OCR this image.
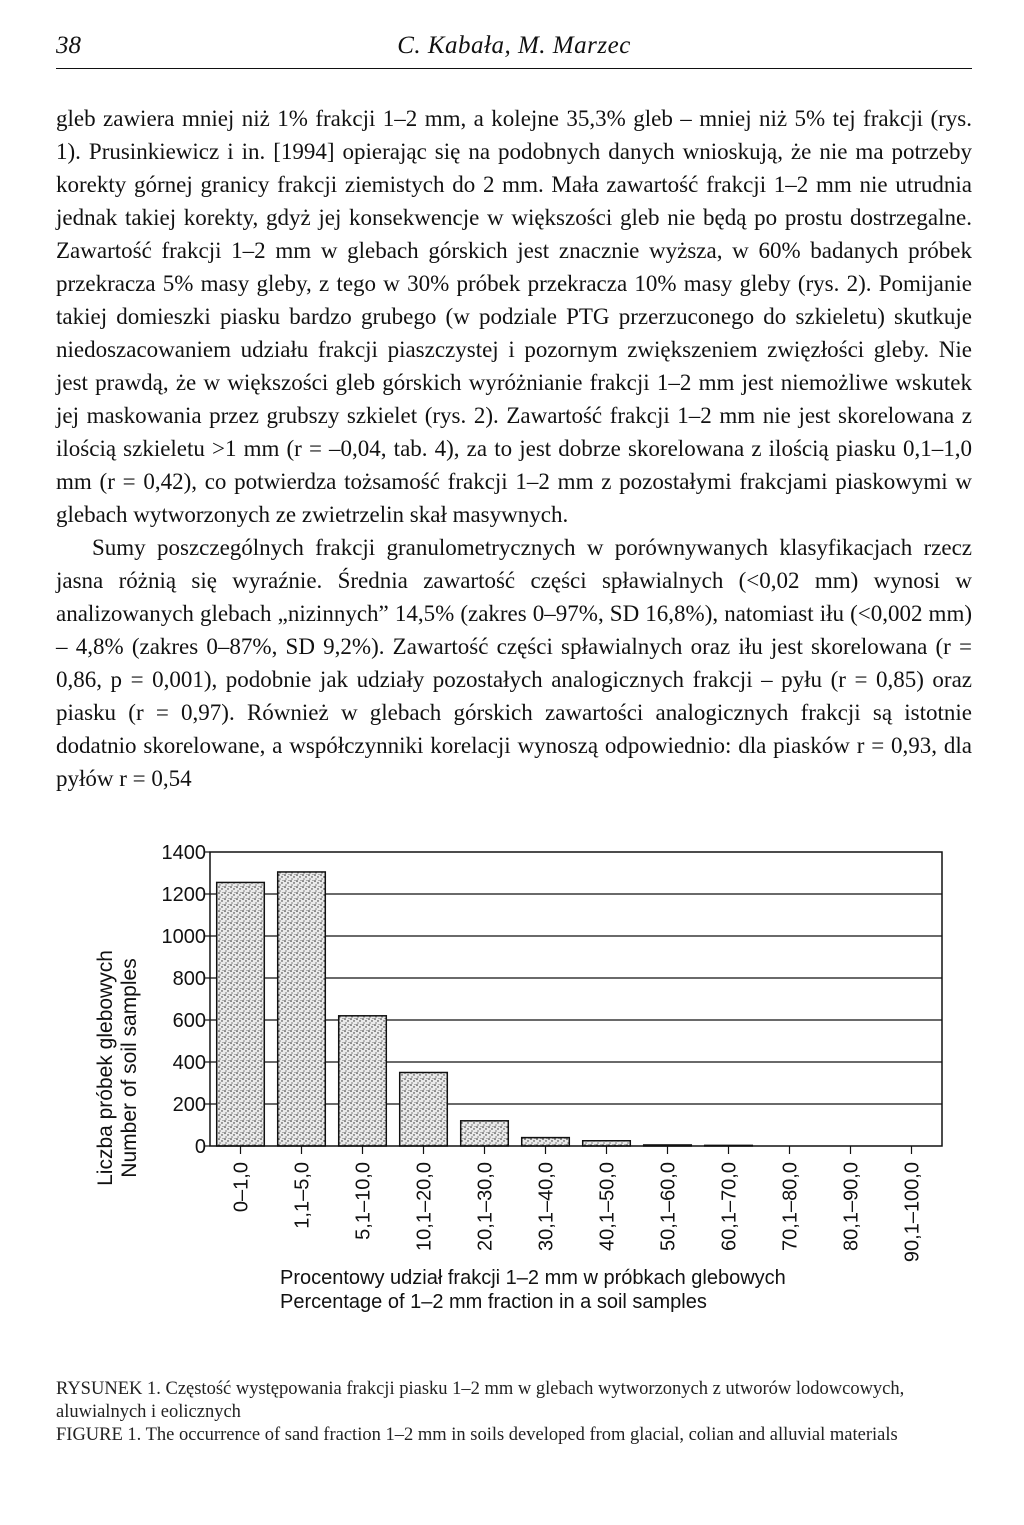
38	C. Kabała, M. Marzec

gleb zawiera mniej niż 1% frakcji 1–2 mm, a kolejne 35,3% gleb – mniej niż 5% tej frakcji (rys. 1). Prusinkiewicz i in. [1994] opierając się na podobnych danych wnioskują, że nie ma potrzeby korekty górnej granicy frakcji ziemistych do 2 mm. Mała zawartość frakcji 1–2 mm nie utrudnia jednak takiej korekty, gdyż jej konsekwencje w większości gleb nie będą po prostu dostrzegalne. Zawartość frakcji 1–2 mm w glebach górskich jest znacznie wyższa, w 60% badanych próbek przekracza 5% masy gleby, z tego w 30% próbek przekracza 10% masy gleby (rys. 2). Pomijanie takiej domieszki piasku bardzo grubego (w podziale PTG przerzuconego do szkieletu) skutkuje niedoszacowaniem udziału frakcji piaszczystej i pozornym zwiększeniem zwięzłości gleby. Nie jest prawdą, że w większości gleb górskich wyróżnianie frakcji 1–2 mm jest niemożliwe wskutek jej maskowania przez grubszy szkielet (rys. 2). Zawartość frakcji 1–2 mm nie jest skorelowana z ilością szkieletu >1 mm (r = –0,04, tab. 4), za to jest dobrze skorelowana z ilością piasku 0,1–1,0 mm (r = 0,42), co potwierdza tożsamość frakcji 1–2 mm z pozostałymi frakcjami piaskowymi w glebach wytworzonych ze zwietrzelin skał masywnych.

Sumy poszczególnych frakcji granulometrycznych w porównywanych klasyfikacjach rzecz jasna różnią się wyraźnie. Średnia zawartość części spławialnych (<0,02 mm) wynosi w analizowanych glebach „nizinnych” 14,5% (zakres 0–97%, SD 16,8%), natomiast iłu (<0,002 mm) – 4,8% (zakres 0–87%, SD 9,2%). Zawartość części spławialnych oraz iłu jest skorelowana (r = 0,86, p = 0,001), podobnie jak udziały pozostałych analogicznych frakcji – pyłu (r = 0,85) oraz piasku (r = 0,97). Również w glebach górskich zawartości analogicznych frakcji są istotnie dodatnio skorelowane, a współczynniki korelacji wynoszą odpowiednio: dla piasków r = 0,93, dla pyłów r = 0,54

Liczba próbek glebowych Number of soil samples	0
200
400
600
800
1000
1200
1400
0–1,0 1,1–5,0 5,1–10,0 10,1–20,0 20,1–30,0 30,1–40,0 40,1–50,0 50,1–60,0 60,1–70,0 70,1–80,0 80,1–90,0 90,1–100,0
Procentowy udział frakcji 1–2 mm w próbkach glebowych
Percentage of 1–2 mm fraction in a soil samples

RYSUNEK 1. Częstość występowania frakcji piasku 1–2 mm w glebach wytworzonych z utworów lodowcowych, aluwialnych i eolicznych

FIGURE 1. The occurrence of sand fraction 1–2 mm in soils developed from glacial, colian and alluvial materials
